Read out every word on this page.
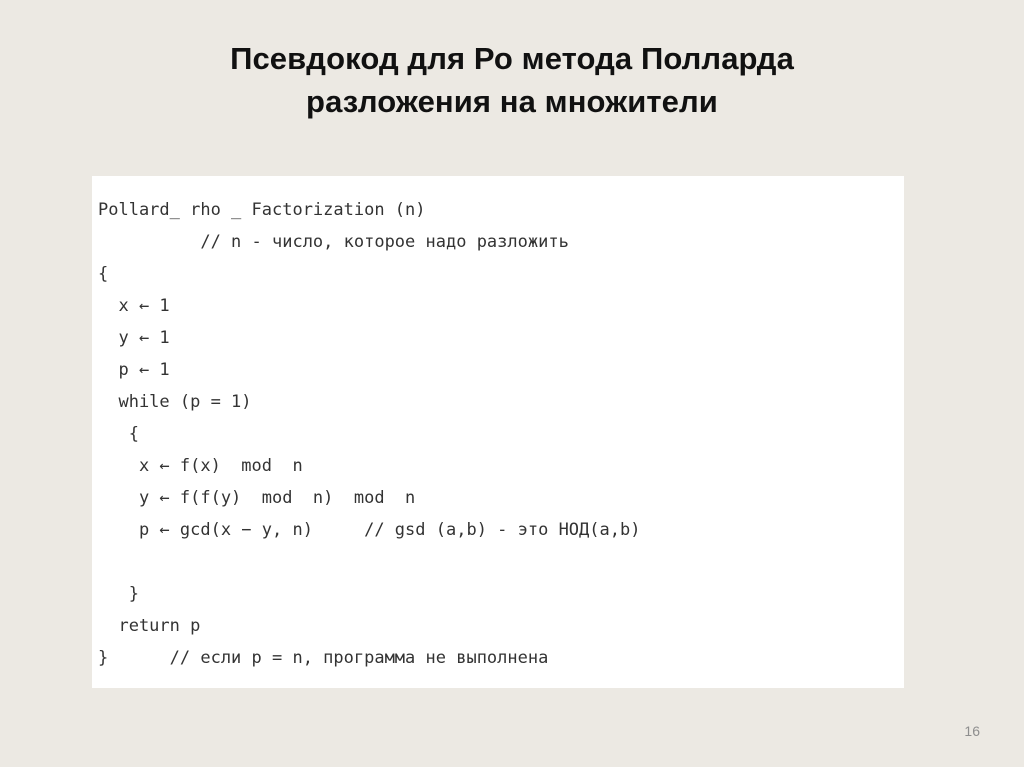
Псевдокод для Ро метода Полларда
разложения на множители
Pollard_ rho _ Factorization (n)
// n - число, которое надо разложить
{
x ← 1
y ← 1
p ← 1
while (p = 1)
{
x ← f(x)  mod  n
y ← f(f(y)  mod  n)  mod  n
p ← gcd(x − y, n)     // gsd (a,b) - это НОД(a,b)
}
return p
}      // если p = n, программа не выполнена
16
